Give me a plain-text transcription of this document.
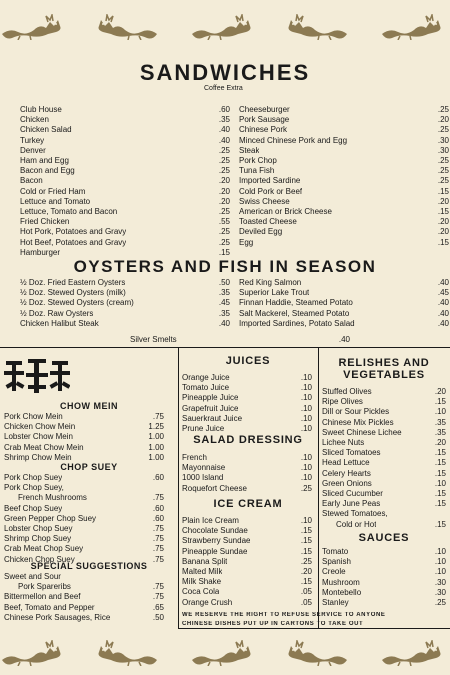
SANDWICHES
Coffee Extra
Club House	.60
Chicken	.35
Chicken Salad	.40
Turkey	.40
Denver	.25
Ham and Egg	.25
Bacon and Egg	.25
Bacon	.20
Cold or Fried Ham	.20
Lettuce and Tomato	.20
Lettuce, Tomato and Bacon	.25
Fried Chicken	.55
Hot Pork, Potatoes and Gravy	.25
Hot Beef, Potatoes and Gravy	.25
Hamburger	.15
Cheeseburger	.25
Pork Sausage	.20
Chinese Pork	.25
Minced Chinese Pork and Egg	.30
Steak	.30
Pork Chop	.25
Tuna Fish	.25
Imported Sardine	.25
Cold Pork or Beef	.15
Swiss Cheese	.20
American or Brick Cheese	.15
Toasted Cheese	.20
Deviled Egg	.20
Egg	.15
OYSTERS AND FISH IN SEASON
½ Doz. Fried Eastern Oysters	.50
½ Doz. Stewed Oysters (milk)	.35
½ Doz. Stewed Oysters (cream)	.45
½ Doz. Raw Oysters	.35
Chicken Halibut Steak	.40
Red King Salmon	.40
Superior Lake Trout	.45
Finnan Haddie, Steamed Potato	.40
Salt Mackerel, Steamed Potato	.40
Imported Sardines, Potato Salad	.40
Silver Smelts	.40
CHOW MEIN
Pork Chow Mein	.75
Chicken Chow Mein	1.25
Lobster Chow Mein	1.00
Crab Meat Chow Mein	1.00
Shrimp Chow Mein	1.00
CHOP SUEY
Pork Chop Suey	.60
Pork Chop Suey,
French Mushrooms	.75
Beef Chop Suey	.60
Green Pepper Chop Suey	.60
Lobster Chop Suey	.75
Shrimp Chop Suey	.75
Crab Meat Chop Suey	.75
Chicken Chop Suey	.75
SPECIAL SUGGESTIONS
Sweet and Sour
Pork Spareribs	.75
Bittermellon and Beef	.75
Beef, Tomato and Pepper	.65
Chinese Pork Sausages, Rice	.50
JUICES
Orange Juice	.10
Tomato Juice	.10
Pineapple Juice	.10
Grapefruit Juice	.10
Sauerkraut Juice	.10
Prune Juice	.10
SALAD DRESSING
French	.10
Mayonnaise	.10
1000 Island	.10
Roquefort Cheese	.25
ICE CREAM
Plain Ice Cream	.10
Chocolate Sundae	.15
Strawberry Sundae	.15
Pineapple Sundae	.15
Banana Split	.25
Malted Milk	.20
Milk Shake	.15
Coca Cola	.05
Orange Crush	.05
RELISHES AND
VEGETABLES
Stuffed Olives	.20
Ripe Olives	.15
Dill or Sour Pickles	.10
Chinese Mix Pickles	.35
Sweet Chinese Lichee	.35
Lichee Nuts	.20
Sliced Tomatoes	.15
Head Lettuce	.15
Celery Hearts	.15
Green Onions	.10
Sliced Cucumber	.15
Early June Peas	.15
Stewed Tomatoes,
Cold or Hot	.15
SAUCES
Tomato	.10
Spanish	.10
Creole	.10
Mushroom	.30
Montebello	.30
Stanley	.25
WE RESERVE THE RIGHT TO REFUSE SERVICE TO ANYONE
CHINESE DISHES PUT UP IN CARTONS TO TAKE OUT
